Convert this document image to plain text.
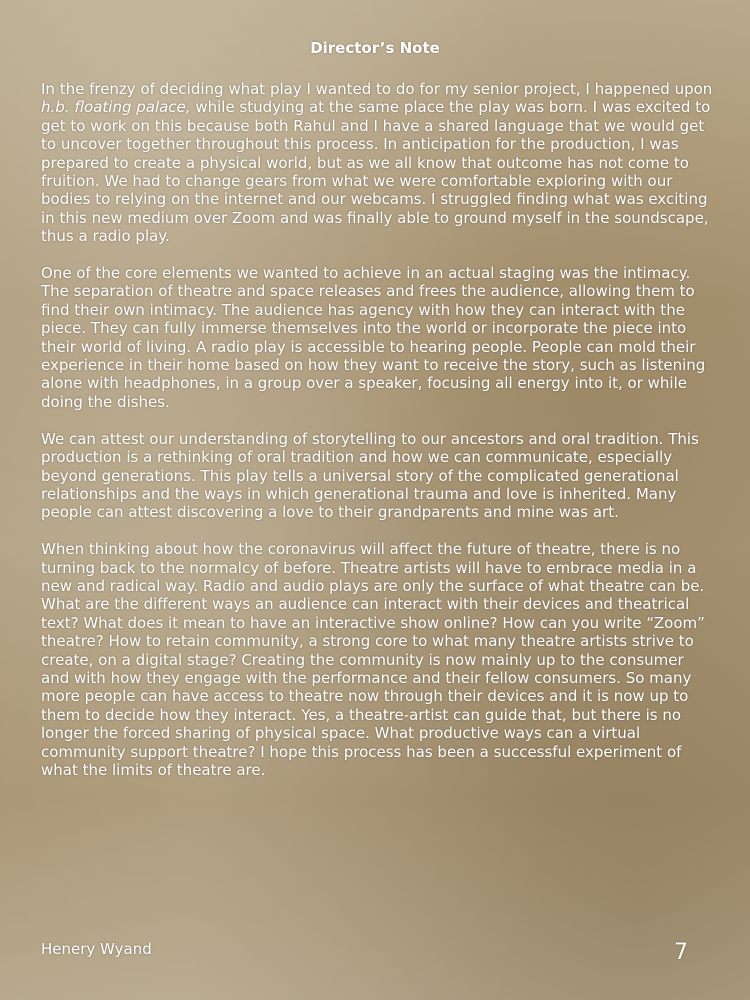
Director’s Note

In the frenzy of deciding what play I wanted to do for my senior project, I happened upon h.b. floating palace, while studying at the same place the play was born. I was excited to get to work on this because both Rahul and I have a shared language that we would get to uncover together throughout this process. In anticipation for the production, I was prepared to create a physical world, but as we all know that outcome has not come to fruition. We had to change gears from what we were comfortable exploring with our bodies to relying on the internet and our webcams. I struggled finding what was exciting in this new medium over Zoom and was finally able to ground myself in the soundscape, thus a radio play.

One of the core elements we wanted to achieve in an actual staging was the intimacy. The separation of theatre and space releases and frees the audience, allowing them to find their own intimacy. The audience has agency with how they can interact with the piece. They can fully immerse themselves into the world or incorporate the piece into their world of living. A radio play is accessible to hearing people. People can mold their experience in their home based on how they want to receive the story, such as listening alone with headphones, in a group over a speaker, focusing all energy into it, or while doing the dishes.

We can attest our understanding of storytelling to our ancestors and oral tradition. This production is a rethinking of oral tradition and how we can communicate, especially beyond generations. This play tells a universal story of the complicated generational relationships and the ways in which generational trauma and love is inherited. Many people can attest discovering a love to their grandparents and mine was art.

When thinking about how the coronavirus will affect the future of theatre, there is no turning back to the normalcy of before. Theatre artists will have to embrace media in a new and radical way. Radio and audio plays are only the surface of what theatre can be. What are the different ways an audience can interact with their devices and theatrical text? What does it mean to have an interactive show online? How can you write “Zoom” theatre? How to retain community, a strong core to what many theatre artists strive to create, on a digital stage? Creating the community is now mainly up to the consumer and with how they engage with the performance and their fellow consumers. So many more people can have access to theatre now through their devices and it is now up to them to decide how they interact. Yes, a theatre-artist can guide that, but there is no longer the forced sharing of physical space. What productive ways can a virtual community support theatre? I hope this process has been a successful experiment of what the limits of theatre are.

Henery Wyand	7
